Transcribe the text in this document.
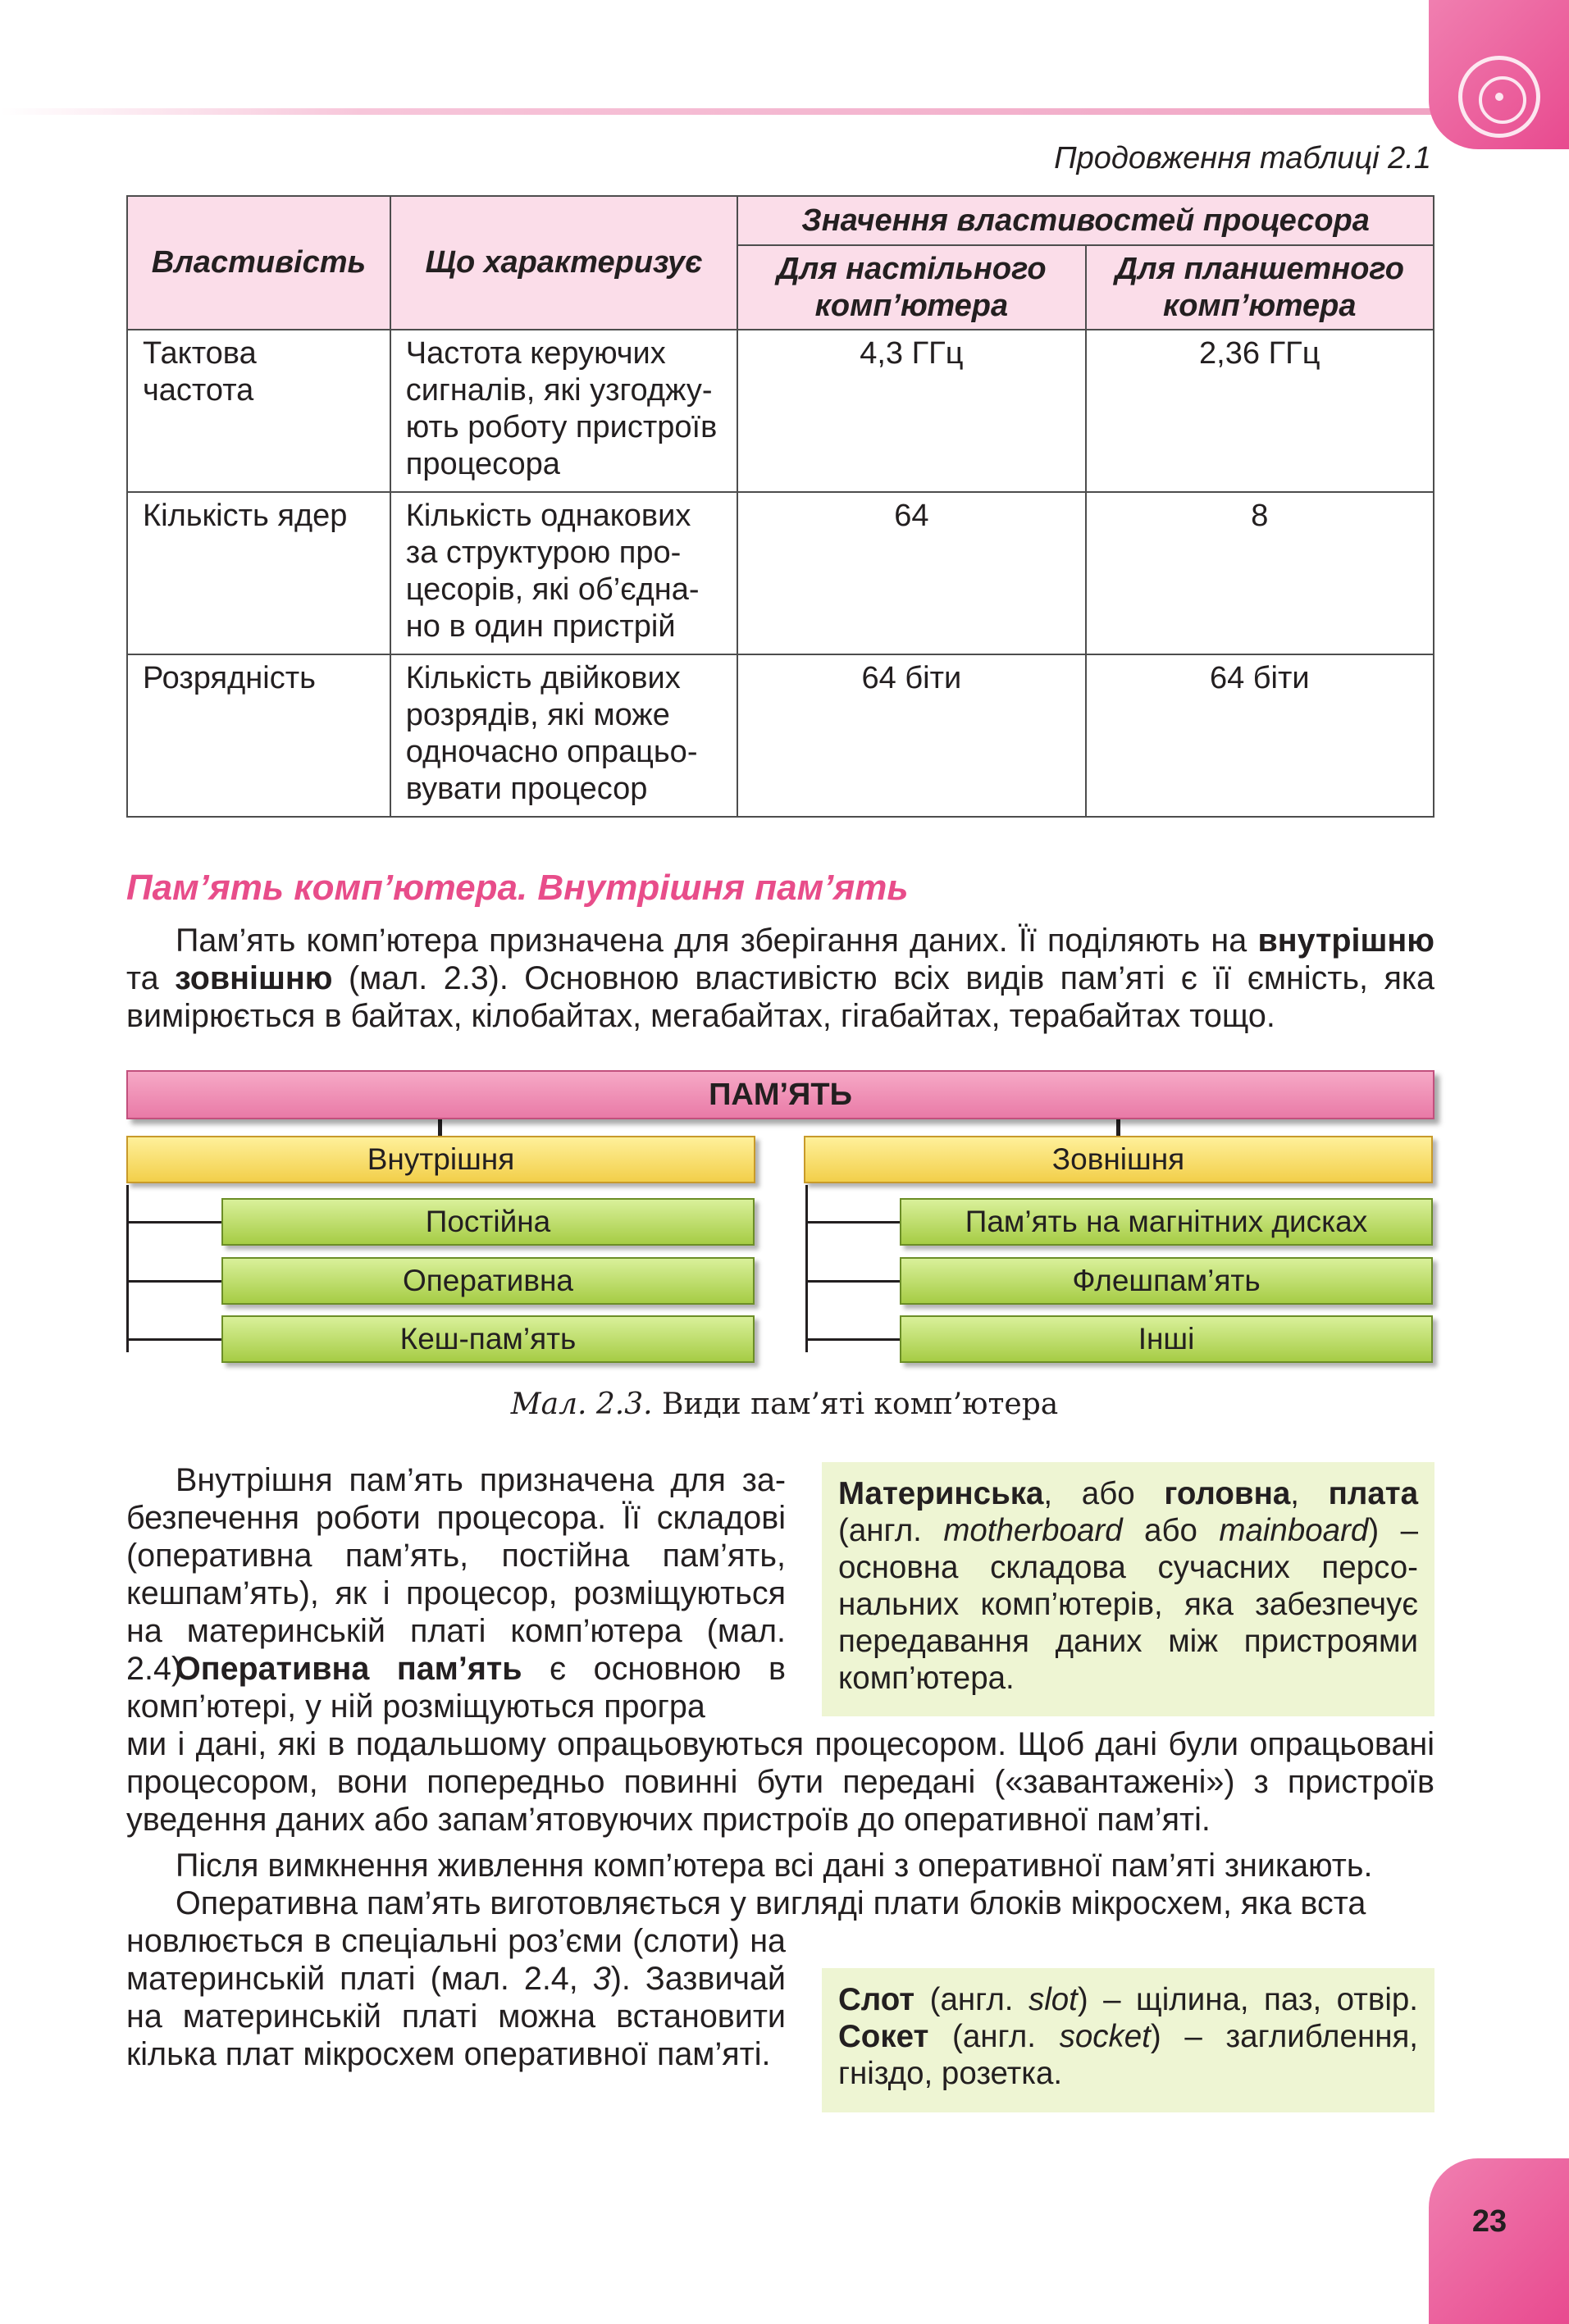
Продовження таблиці 2.1
Властивість	Що характеризує	Значення властивостей процесора	
		Для настільного комп’ютера	Для планшетного комп’ютера
Тактова частота	Частота керуючих сигналів, які узгоджують роботу пристроїв процесора	4,3 ГГц	2,36 ГГц
Кількість ядер	Кількість однакових за структурою процесорів, які об’єднано в один пристрій	64	8
Розрядність	Кількість двійкових розрядів, які може одночасно опрацьовувати процесор	64 біти	64 біти
Пам’ять комп’ютера. Внутрішня пам’ять

Пам’ять комп’ютера призначена для зберігання даних. Її поділяють на внутрішню та зовнішню (мал. 2.3). Основною властивістю всіх видів пам’яті є її ємність, яка вимірюється в байтах, кілобайтах, мегабайтах, гігабайтах, терабайтах тощо.

ПАМ’ЯТЬ
Внутрішня
Постійна
Оперативна
Кеш-пам’ять
Зовнішня
Пам’ять на магнітних дисках
Флешпам’ять
Інші
Мал. 2.3. Види пам’яті комп’ютера
Материнська, або головна, плата (англ. motherboard або mainboard) – основна складова сучасних персональних комп’ютерів, яка забезпечує передавання даних між пристроями комп’ютера.

Внутрішня пам’ять призначена для забезпечення роботи процесора. Її складові (оперативна пам’ять, постійна пам’ять, кешпам’ять), як і процесор, розміщуються на материнській платі комп’ютера (мал. 2.4).

Оперативна пам’ять є основною в комп’ютері, у ній розміщуються програ

ми і дані, які в подальшому опрацьовуються процесором. Щоб дані були опрацьовані процесором, вони попередньо повинні бути передані («завантажені») з пристроїв уведення даних або запам’ятовуючих пристроїв до оперативної пам’яті.

Після вимкнення живлення комп’ютера всі дані з оперативної пам’яті зникають.

Оперативна пам’ять виготовляється у вигляді плати блоків мікросхем, яка вста

новлюється в спеціальні роз’єми (слоти) на материнській платі (мал. 2.4, 3). Зазвичай на материнській платі можна встановити кілька плат мікросхем оперативної пам’яті.

Слот (англ. slot) – щілина, паз, отвір. Сокет (англ. socket) – заглиблення, гніздо, розетка.
23
